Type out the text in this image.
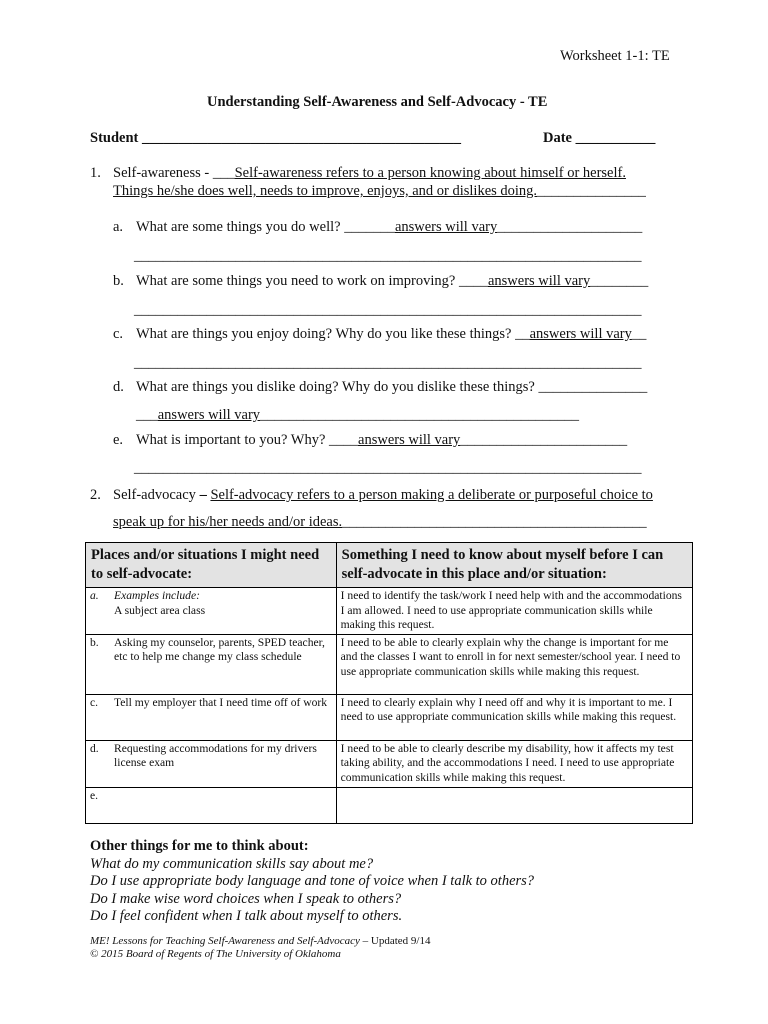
Worksheet 1-1: TE
Understanding Self-Awareness and Self-Advocacy - TE
Student ____________________________________________	Date ___________
1. Self-awareness - ___Self-awareness refers to a person knowing about himself or herself.
Things he/she does well, needs to improve, enjoys, and or dislikes doing._______________
a. What are some things you do well? _______answers will vary____________________
______________________________________________________________________
b. What are some things you need to work on improving? ____answers will vary________
______________________________________________________________________
c. What are things you enjoy doing? Why do you like these things? __answers will vary__
______________________________________________________________________
d. What are things you dislike doing? Why do you dislike these things? _______________
___answers will vary____________________________________________
e. What is important to you? Why? ____answers will vary_______________________
______________________________________________________________________
2. Self-advocacy – Self-advocacy refers to a person making a deliberate or purposeful choice to
speak up for his/her needs and/or ideas.__________________________________________
Places and/or situations I might need to self-advocate:	Something I need to know about myself before I can self-advocate in this place and/or situation:

a. Examples include:
A subject area class	I need to identify the task/work I need help with and the accommodations I am allowed. I need to use appropriate communication skills while making this request.

b. Asking my counselor, parents, SPED teacher, etc to help me change my class schedule	I need to be able to clearly explain why the change is important for me and the classes I want to enroll in for next semester/school year. I need to use appropriate communication skills while making this request.

c. Tell my employer that I need time off of work	I need to clearly explain why I need off and why it is important to me. I need to use appropriate communication skills while making this request.

d. Requesting accommodations for my drivers license exam	I need to be able to clearly describe my disability, how it affects my test taking ability, and the accommodations I need. I need to use appropriate communication skills while making this request.

e.	

Other things for me to think about:
What do my communication skills say about me?
Do I use appropriate body language and tone of voice when I talk to others?
Do I make wise word choices when I speak to others?
Do I feel confident when I talk about myself to others.
ME! Lessons for Teaching Self-Awareness and Self-Advocacy – Updated 9/14
© 2015 Board of Regents of The University of Oklahoma
